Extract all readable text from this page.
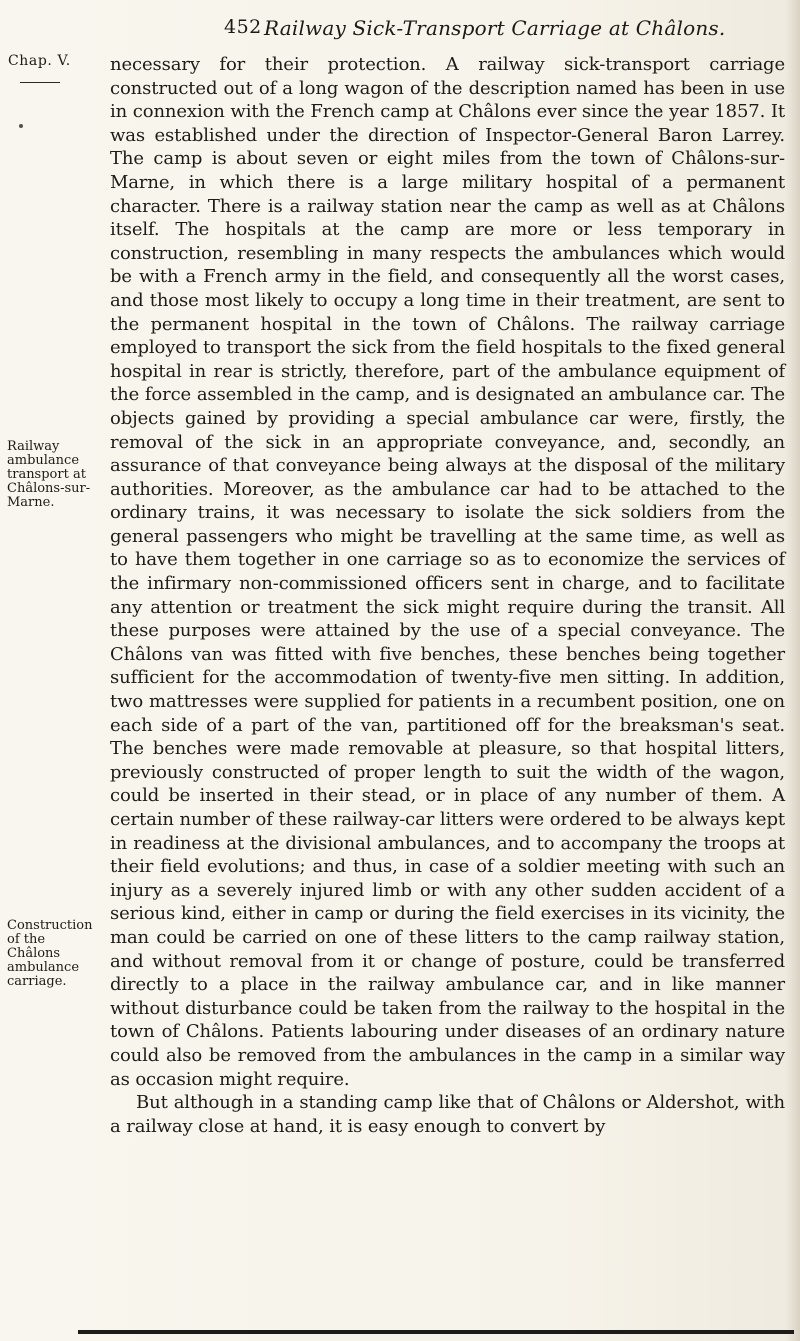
452 Railway Sick-Transport Carriage at Châlons.
Chap. V.
Railway ambulance transport at Châlons-sur-Marne.
Construction of the Châlons ambulance carriage.

necessary for their protection. A railway sick-transport carriage constructed out of a long wagon of the description named has been in use in connexion with the French camp at Châlons ever since the year 1857. It was established under the direction of Inspector-General Baron Larrey. The camp is about seven or eight miles from the town of Châlons-sur-Marne, in which there is a large military hospital of a permanent character. There is a railway station near the camp as well as at Châlons itself. The hospitals at the camp are more or less temporary in construction, resembling in many respects the ambulances which would be with a French army in the field, and consequently all the worst cases, and those most likely to occupy a long time in their treatment, are sent to the permanent hospital in the town of Châlons. The railway carriage employed to transport the sick from the field hospitals to the fixed general hospital in rear is strictly, therefore, part of the ambulance equipment of the force assembled in the camp, and is designated an ambulance car. The objects gained by providing a special ambulance car were, firstly, the removal of the sick in an appropriate conveyance, and, secondly, an assurance of that conveyance being always at the disposal of the military authorities. Moreover, as the ambulance car had to be attached to the ordinary trains, it was necessary to isolate the sick soldiers from the general passengers who might be travelling at the same time, as well as to have them together in one carriage so as to economize the services of the infirmary non-commissioned officers sent in charge, and to facilitate any attention or treatment the sick might require during the transit. All these purposes were attained by the use of a special conveyance. The Châlons van was fitted with five benches, these benches being together sufficient for the accommodation of twenty-five men sitting. In addition, two mattresses were supplied for patients in a recumbent position, one on each side of a part of the van, partitioned off for the breaksman's seat. The benches were made removable at pleasure, so that hospital litters, previously constructed of proper length to suit the width of the wagon, could be inserted in their stead, or in place of any number of them. A certain number of these railway-car litters were ordered to be always kept in readiness at the divisional ambulances, and to accompany the troops at their field evolutions; and thus, in case of a soldier meeting with such an injury as a severely injured limb or with any other sudden accident of a serious kind, either in camp or during the field exercises in its vicinity, the man could be carried on one of these litters to the camp railway station, and without removal from it or change of posture, could be transferred directly to a place in the railway ambulance car, and in like manner without disturbance could be taken from the railway to the hospital in the town of Châlons. Patients labouring under diseases of an ordinary nature could also be removed from the ambulances in the camp in a similar way as occasion might require.

But although in a standing camp like that of Châlons or Aldershot, with a railway close at hand, it is easy enough to convert by
